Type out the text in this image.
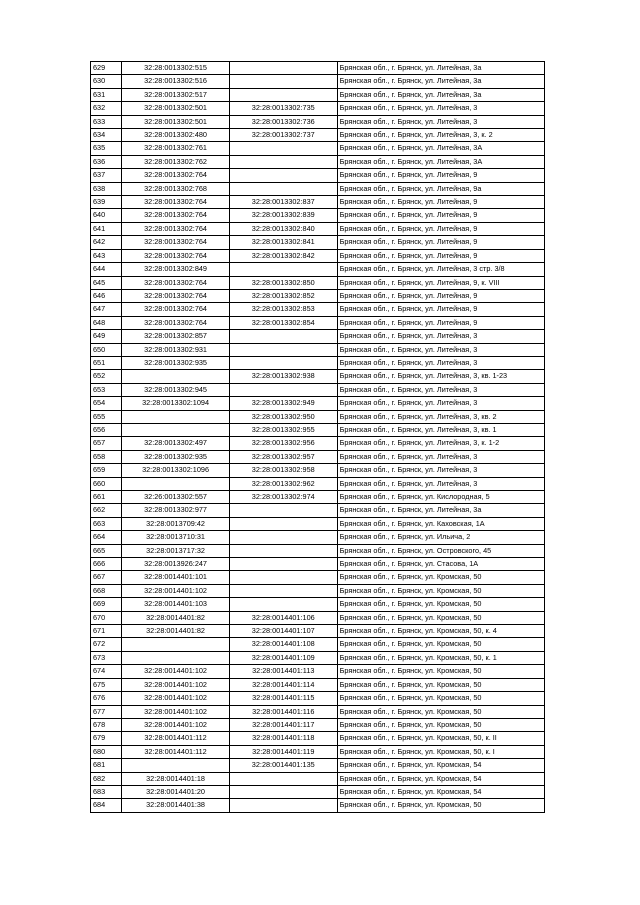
629	32:28:0013302:515		Брянская обл., г. Брянск, ул. Литейная, 3а
630	32:28:0013302:516		Брянская обл., г. Брянск, ул. Литейная, 3а
631	32:28:0013302:517		Брянская обл., г. Брянск, ул. Литейная, 3а
632	32:28:0013302:501	32:28:0013302:735	Брянская обл., г. Брянск, ул. Литейная, 3
633	32:28:0013302:501	32:28:0013302:736	Брянская обл., г. Брянск, ул. Литейная, 3
634	32:28:0013302:480	32:28:0013302:737	Брянская обл., г. Брянск, ул. Литейная, 3, к. 2
635	32:28:0013302:761		Брянская обл., г. Брянск, ул. Литейная, 3А
636	32:28:0013302:762		Брянская обл., г. Брянск, ул. Литейная, 3А
637	32:28:0013302:764		Брянская обл., г. Брянск, ул. Литейная, 9
638	32:28:0013302:768		Брянская обл., г. Брянск, ул. Литейная, 9а
639	32:28:0013302:764	32:28:0013302:837	Брянская обл., г. Брянск, ул. Литейная, 9
640	32:28:0013302:764	32:28:0013302:839	Брянская обл., г. Брянск, ул. Литейная, 9
641	32:28:0013302:764	32:28:0013302:840	Брянская обл., г. Брянск, ул. Литейная, 9
642	32:28:0013302:764	32:28:0013302:841	Брянская обл., г. Брянск, ул. Литейная, 9
643	32:28:0013302:764	32:28:0013302:842	Брянская обл., г. Брянск, ул. Литейная, 9
644	32:28:0013302:849		Брянская обл., г. Брянск, ул. Литейная, 3 стр. 3/8
645	32:28:0013302:764	32:28:0013302:850	Брянская обл., г. Брянск, ул. Литейная, 9, к. VIII
646	32:28:0013302:764	32:28:0013302:852	Брянская обл., г. Брянск, ул. Литейная, 9
647	32:28:0013302:764	32:28:0013302:853	Брянская обл., г. Брянск, ул. Литейная, 9
648	32:28:0013302:764	32:28:0013302:854	Брянская обл., г. Брянск, ул. Литейная, 9
649	32:28:0013302:857		Брянская обл., г. Брянск, ул. Литейная, 3
650	32:28:0013302:931		Брянская обл., г. Брянск, ул. Литейная, 3
651	32:28:0013302:935		Брянская обл., г. Брянск, ул. Литейная, 3
652		32:28:0013302:938	Брянская обл., г. Брянск, ул. Литейная, 3, кв. 1-23
653	32:28:0013302:945		Брянская обл., г. Брянск, ул. Литейная, 3
654	32:28:0013302:1094	32:28:0013302:949	Брянская обл., г. Брянск, ул. Литейная, 3
655		32:28:0013302:950	Брянская обл., г. Брянск, ул. Литейная, 3, кв. 2
656		32:28:0013302:955	Брянская обл., г. Брянск, ул. Литейная, 3, кв. 1
657	32:28:0013302:497	32:28:0013302:956	Брянская обл., г. Брянск, ул. Литейная, 3, к. 1-2
658	32:28:0013302:935	32:28:0013302:957	Брянская обл., г. Брянск, ул. Литейная, 3
659	32:28:0013302:1096	32:28:0013302:958	Брянская обл., г. Брянск, ул. Литейная, 3
660		32:28:0013302:962	Брянская обл., г. Брянск, ул. Литейная, 3
661	32:26:0013302:557	32:28:0013302:974	Брянская обл., г. Брянск, ул. Кислородная, 5
662	32:28:0013302:977		Брянская обл., г. Брянск, ул. Литейная, 3а
663	32:28:0013709:42		Брянская обл., г. Брянск, ул. Каховская, 1А
664	32:28:0013710:31		Брянская обл., г. Брянск, ул. Ильича, 2
665	32:28:0013717:32		Брянская обл., г. Брянск, ул. Островского, 45
666	32:28:0013926:247		Брянская обл., г. Брянск, ул. Стасова, 1А
667	32:28:0014401:101		Брянская обл., г. Брянск, ул. Кромская, 50
668	32:28:0014401:102		Брянская обл., г. Брянск, ул. Кромская, 50
669	32:28:0014401:103		Брянская обл., г. Брянск, ул. Кромская, 50
670	32:28:0014401:82	32:28:0014401:106	Брянская обл., г. Брянск, ул. Кромская, 50
671	32:28:0014401:82	32:28:0014401:107	Брянская обл., г. Брянск, ул. Кромская, 50, к. 4
672		32:28:0014401:108	Брянская обл., г. Брянск, ул. Кромская, 50
673		32:28:0014401:109	Брянская обл., г. Брянск, ул. Кромская, 50, к. 1
674	32:28:0014401:102	32:28:0014401:113	Брянская обл., г. Брянск, ул. Кромская, 50
675	32:28:0014401:102	32:28:0014401:114	Брянская обл., г. Брянск, ул. Кромская, 50
676	32:28:0014401:102	32:28:0014401:115	Брянская обл., г. Брянск, ул. Кромская, 50
677	32:28:0014401:102	32:28:0014401:116	Брянская обл., г. Брянск, ул. Кромская, 50
678	32:28:0014401:102	32:28:0014401:117	Брянская обл., г. Брянск, ул. Кромская, 50
679	32:28:0014401:112	32:28:0014401:118	Брянская обл., г. Брянск, ул. Кромская, 50, к. II
680	32:28:0014401:112	32:28:0014401:119	Брянская обл., г. Брянск, ул. Кромская, 50, к. I
681		32:28:0014401:135	Брянская обл., г. Брянск, ул. Кромская, 54
682	32:28:0014401:18		Брянская обл., г. Брянск, ул. Кромская, 54
683	32:28:0014401:20		Брянская обл., г. Брянск, ул. Кромская, 54
684	32:28:0014401:38		Брянская обл., г. Брянск, ул. Кромская, 50
